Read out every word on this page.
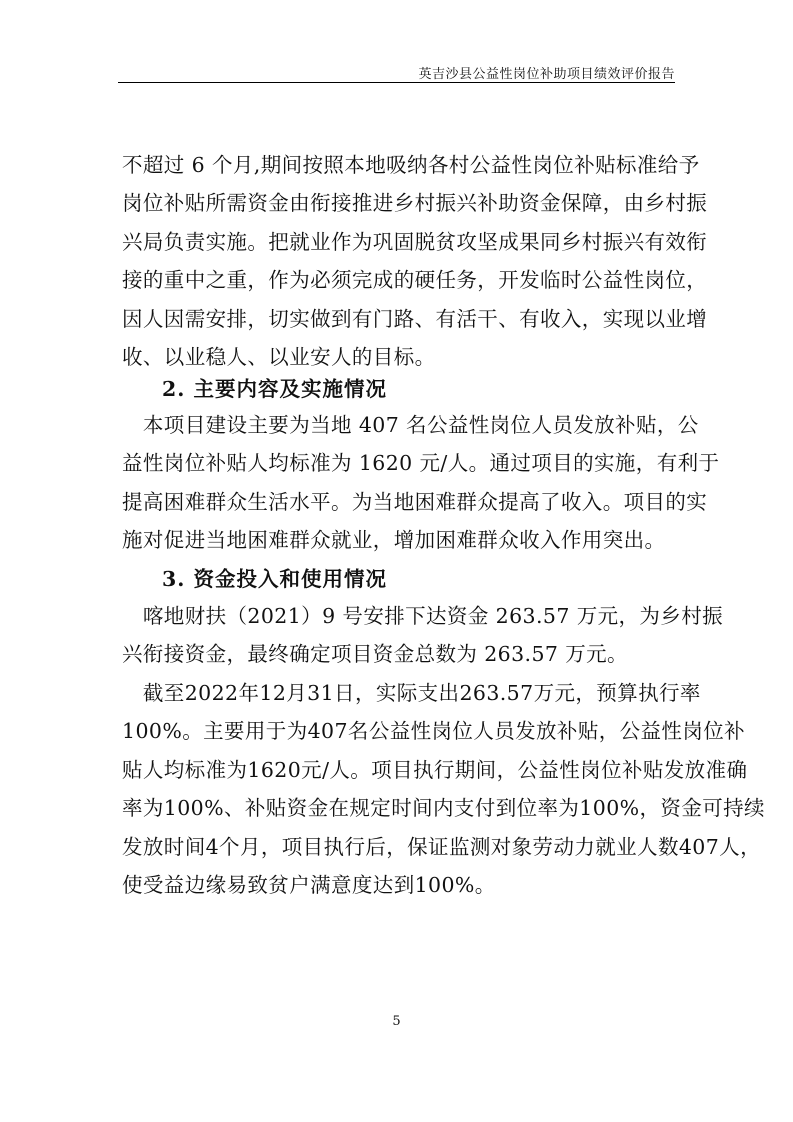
英吉沙县公益性岗位补助项目绩效评价报告
不超过 6 个月,期间按照本地吸纳各村公益性岗位补贴标准给予
岗位补贴所需资金由衔接推进乡村振兴补助资金保障，由乡村振
兴局负责实施。把就业作为巩固脱贫攻坚成果同乡村振兴有效衔
接的重中之重，作为必须完成的硬任务，开发临时公益性岗位，
因人因需安排，切实做到有门路、有活干、有收入，实现以业增
收、以业稳人、以业安人的目标。
2. 主要内容及实施情况
　本项目建设主要为当地 407 名公益性岗位人员发放补贴，公
益性岗位补贴人均标准为 1620 元/人。通过项目的实施，有利于
提高困难群众生活水平。为当地困难群众提高了收入。项目的实
施对促进当地困难群众就业，增加困难群众收入作用突出。
3. 资金投入和使用情况
　喀地财扶（2021）9 号安排下达资金 263.57 万元，为乡村振
兴衔接资金，最终确定项目资金总数为 263.57 万元。
　截至2022年12月31日，实际支出263.57万元，预算执行率
100%。主要用于为407名公益性岗位人员发放补贴，公益性岗位补
贴人均标准为1620元/人。项目执行期间，公益性岗位补贴发放准确
率为100%、补贴资金在规定时间内支付到位率为100%，资金可持续
发放时间4个月，项目执行后，保证监测对象劳动力就业人数407人，
使受益边缘易致贫户满意度达到100%。
5
